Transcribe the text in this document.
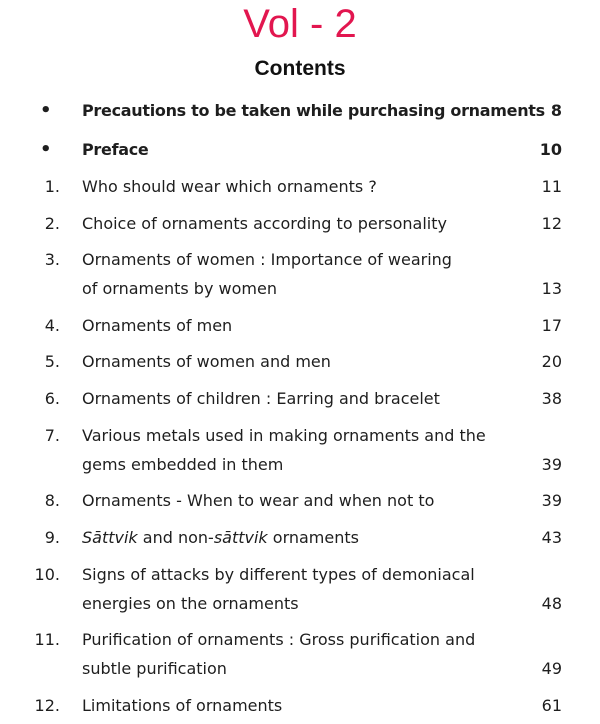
Vol - 2
Contents
• Precautions to be taken while purchasing ornaments 8
• Preface	10
1. Who should wear which ornaments ?	11
2. Choice of ornaments according to personality	12
3. Ornaments of women : Importance of wearing
of ornaments by women	13
4. Ornaments of men	17
5. Ornaments of women and men	20
6. Ornaments of children : Earring and bracelet	38
7. Various metals used in making ornaments and the
gems embedded in them	39
8. Ornaments - When to wear and when not to	39
9. Sāttvik and non-sāttvik ornaments	43
10. Signs of attacks by different types of demoniacal
energies on the ornaments	48
11. Purification of ornaments : Gross purification and
subtle purification	49
12. Limitations of ornaments	61
